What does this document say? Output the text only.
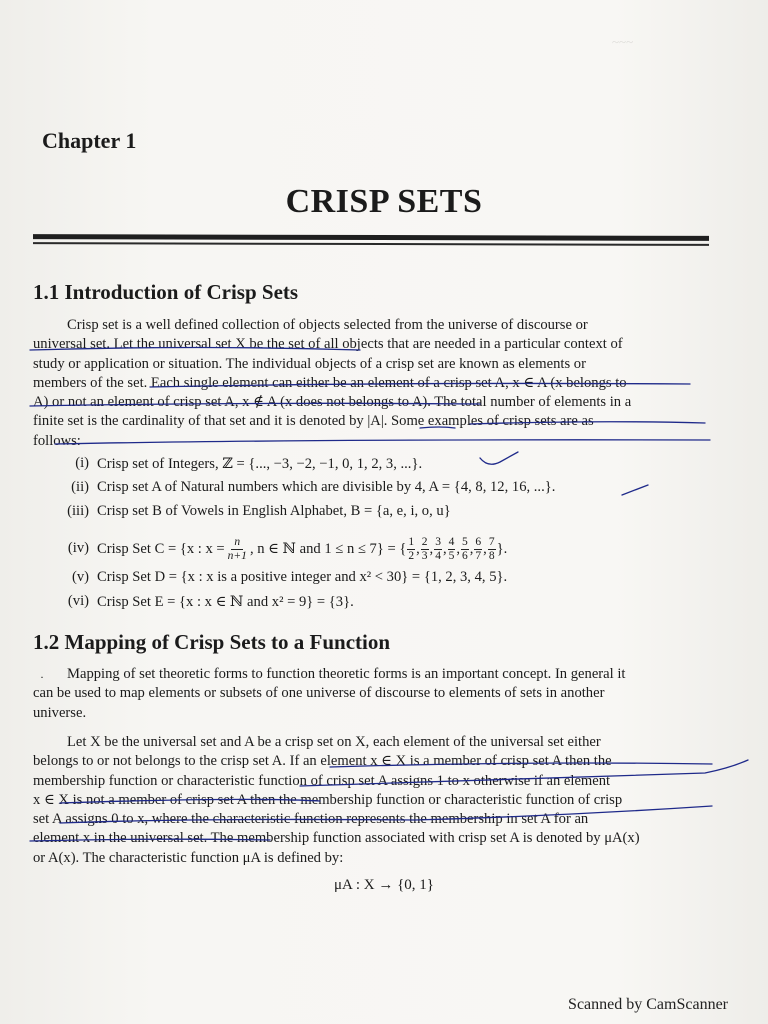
~~~
Chapter 1
CRISP SETS
1.1 Introduction of Crisp Sets
Crisp set is a well defined collection of objects selected from the universe of discourse or
universal set. Let the universal set X be the set of all objects that are needed in a particular context of
study or application or situation. The individual objects of a crisp set are known as elements or
members of the set. Each single element can either be an element of a crisp set A, x ∈ A (x belongs to
A) or not an element of crisp set A, x ∉ A (x does not belongs to A). The total number of elements in a
finite set is the cardinality of that set and it is denoted by |A|. Some examples of crisp sets are as
follows:
(i) Crisp set of Integers, ℤ = {..., −3, −2, −1, 0, 1, 2, 3, ...}.
(ii) Crisp set A of Natural numbers which are divisible by 4, A = {4, 8, 12, 16, ...}.
(iii) Crisp set B of Vowels in English Alphabet, B = {a, e, i, o, u}
(iv) Crisp Set C = {x : $x = \frac{n}{n+1}$ , n ∈ ℕ and 1 ≤ n ≤ 7} = { $\frac{1}{2}$ , $\frac{2}{3}$ , $\frac{3}{4}$ , $\frac{4}{5}$ , $\frac{5}{6}$ , $\frac{6}{7}$ , $\frac{7}{8}$ }.
(v) Crisp Set D = {x : x is a positive integer and x² < 30} = {1, 2, 3, 4, 5}.
(vi) Crisp Set E = {x : x ∈ ℕ and x² = 9} = {3}.
1.2 Mapping of Crisp Sets to a Function
·	Mapping of set theoretic forms to function theoretic forms is an important concept. In general it
can be used to map elements or subsets of one universe of discourse to elements of sets in another
universe.
Let X be the universal set and A be a crisp set on X, each element of the universal set either
belongs to or not belongs to the crisp set A. If an element x ∈ X is a member of crisp set A then the
membership function or characteristic function of crisp set A assigns 1 to x otherwise if an element
x ∈ X is not a member of crisp set A then the membership function or characteristic function of crisp
set A assigns 0 to x, where the characteristic function represents the membership in set A for an
element x in the universal set. The membership function associated with crisp set A is denoted by μA(x)
or A(x). The characteristic function μA is defined by:
μA : X → {0, 1}
Scanned by CamScanner
